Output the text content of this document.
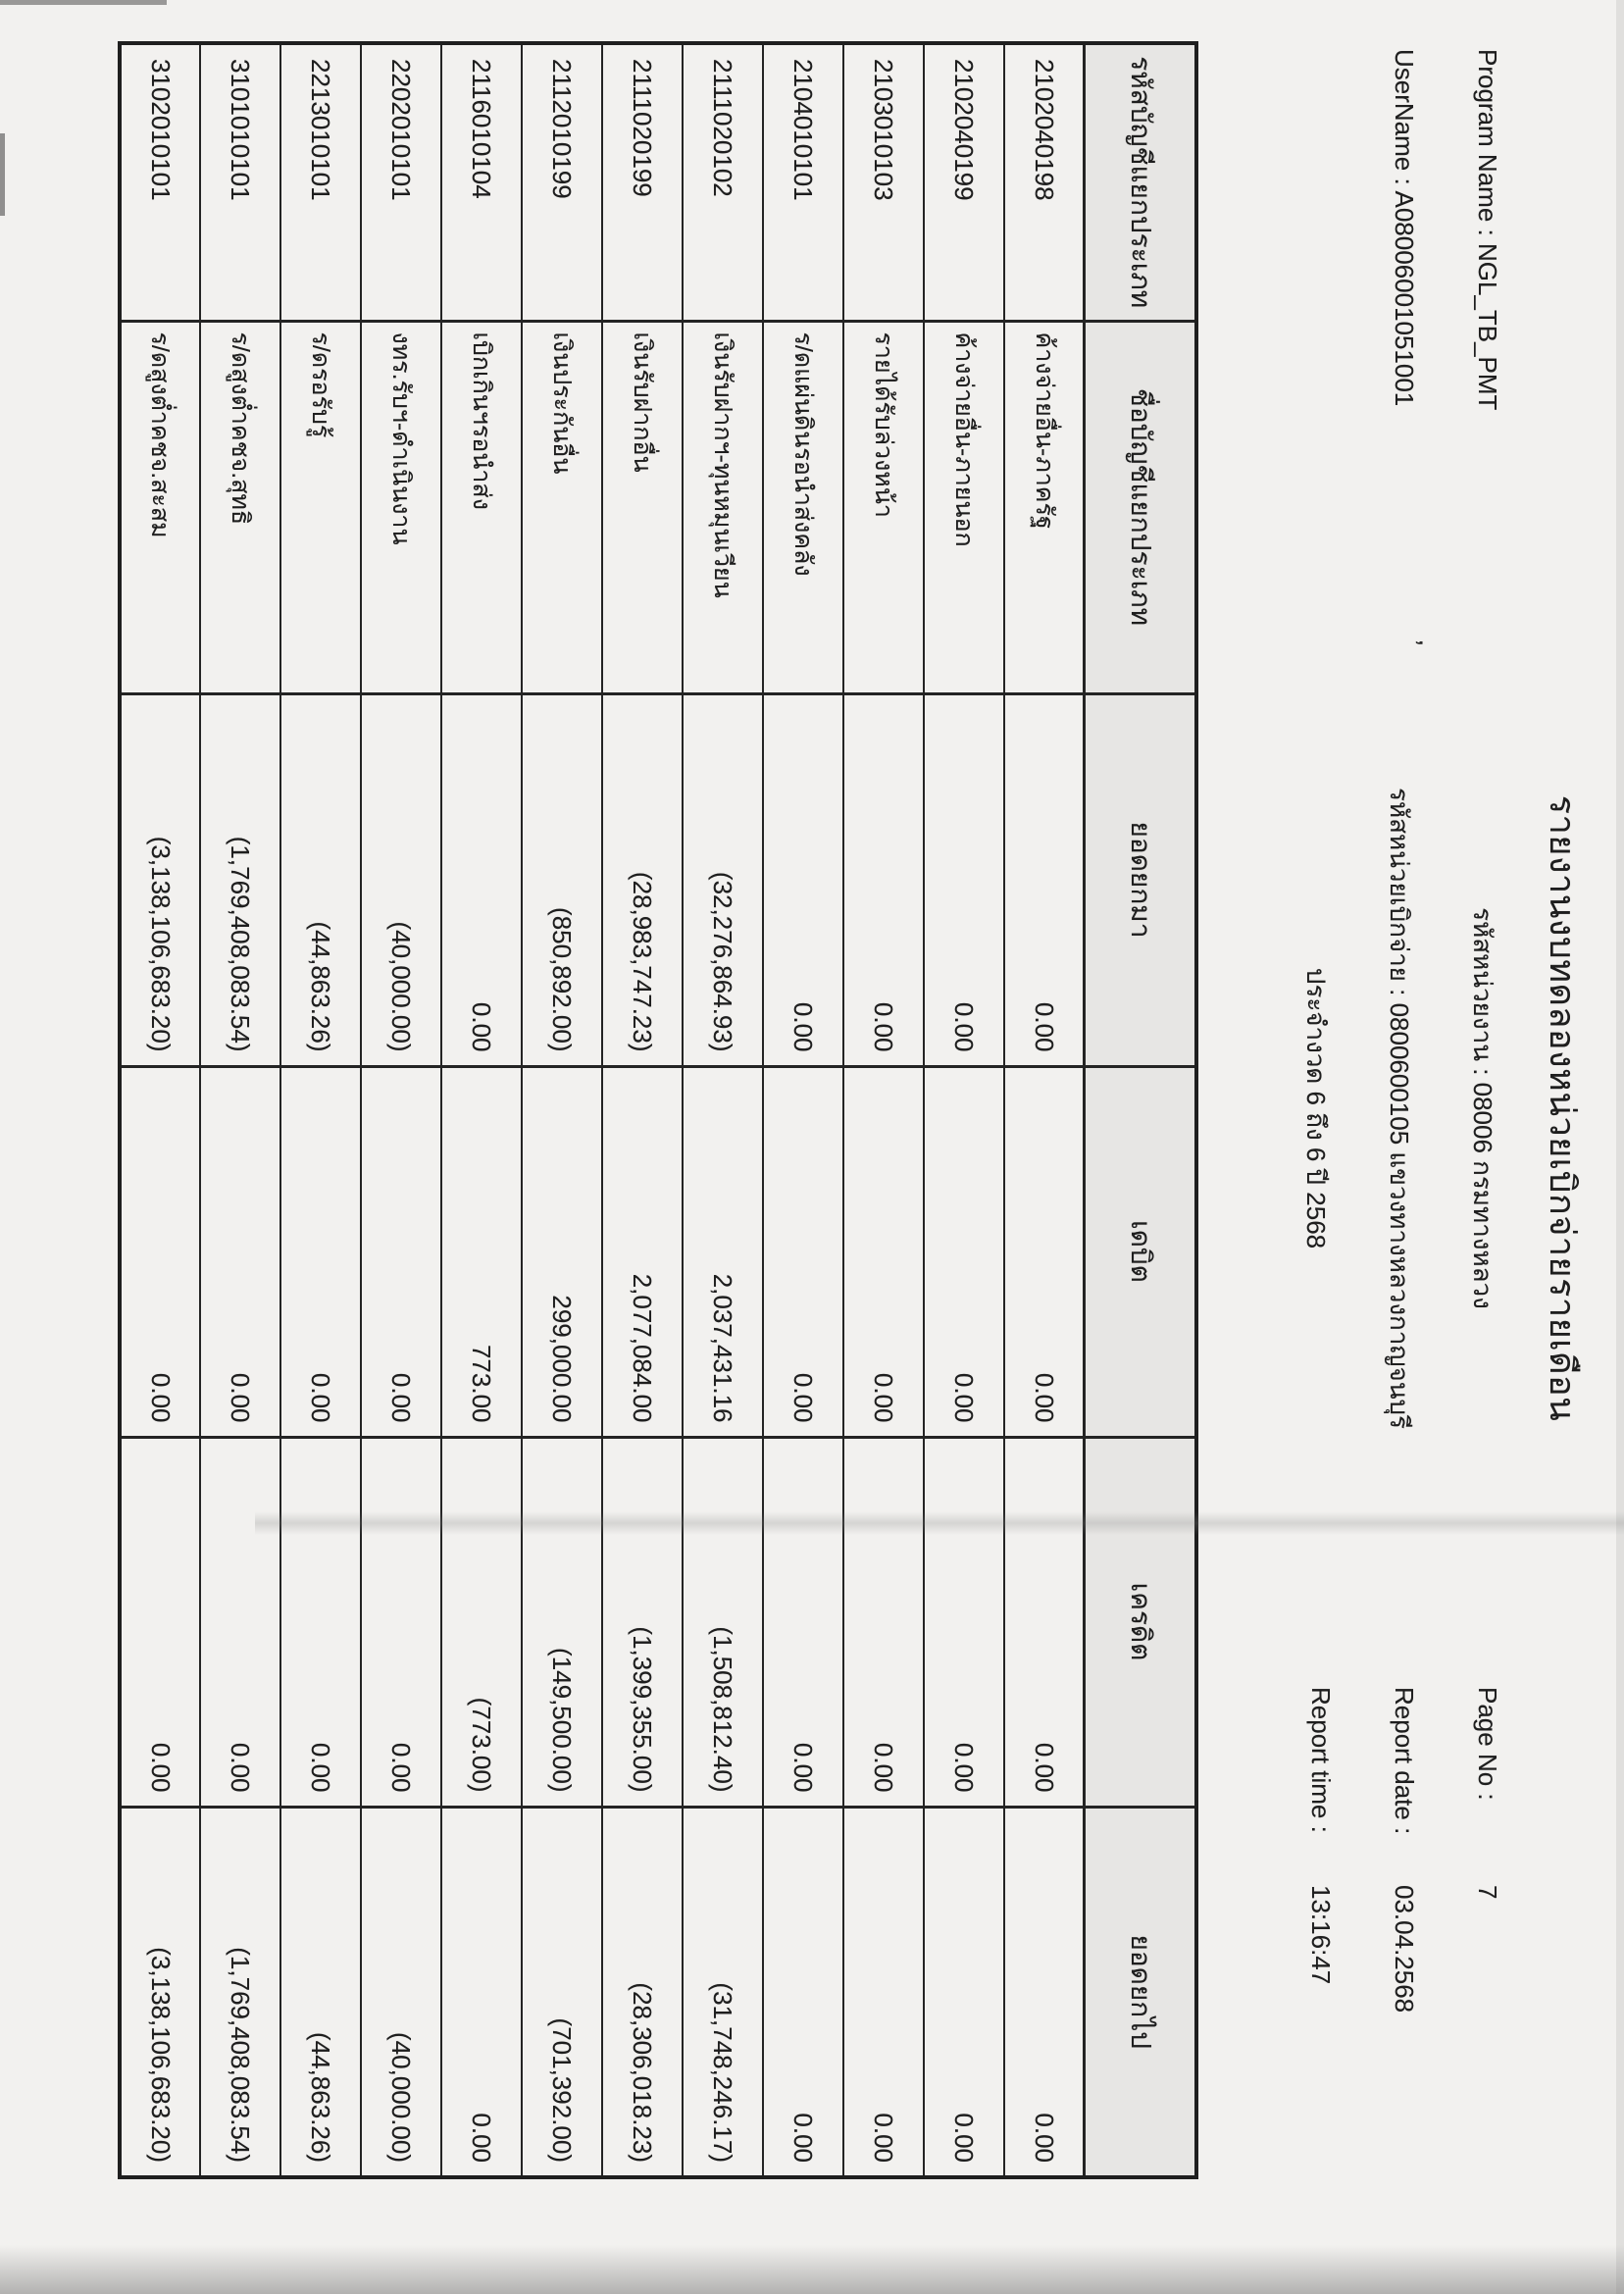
รายงานงบทดลองหน่วยเบิกจ่ายรายเดือน
Program Name : NGL_TB_PMT
รหัสหน่วยงาน : 08006 กรมทางหลวง
Page No :
7
UserName : A08006001051001
รหัสหน่วยเบิกจ่าย : 0800600105 แขวงทางหลวงกาญจนบุรี
Report date :
03.04.2568
ประจำงวด 6 ถึง 6 ปี 2568
Report time :
13:16:47
’
รหัสบัญชีแยกประเภท	ชื่อบัญชีแยกประเภท	ยอดยกมา	เดบิต	เครดิต	ยอดยกไป
2102040198	ค้างจ่ายอื่น-ภาครัฐ	0.00	0.00	0.00	0.00
2102040199	ค้างจ่ายอื่น-ภายนอก	0.00	0.00	0.00	0.00
2103010103	รายได้รับล่วงหน้า	0.00	0.00	0.00	0.00
2104010101	ร/ดแผ่นดินรอนำส่งคลัง	0.00	0.00	0.00	0.00
2111020102	เงินรับฝากฯ-ทุนหมุนเวียน	(32,276,864.93)	2,037,431.16	(1,508,812.40)	(31,748,246.17)
2111020199	เงินรับฝากอื่น	(28,983,747.23)	2,077,084.00	(1,399,355.00)	(28,306,018.23)
2112010199	เงินประกันอื่น	(850,892.00)	299,000.00	(149,500.00)	(701,392.00)
2116010104	เบิกเกินฯรอนำส่ง	0.00	773.00	(773.00)	0.00
2202010101	งทร.รับฯ-ดำเนินงาน	(40,000.00)	0.00	0.00	(40,000.00)
2213010101	ร/ดรอรับรู้	(44,863.26)	0.00	0.00	(44,863.26)
3101010101	ร/ดสูงต่ำคชจ.สุทธิ	(1,769,408,083.54)	0.00	0.00	(1,769,408,083.54)
3102010101	ร/ดสูงต่ำคชจ.สะสม	(3,138,106,683.20)	0.00	0.00	(3,138,106,683.20)
